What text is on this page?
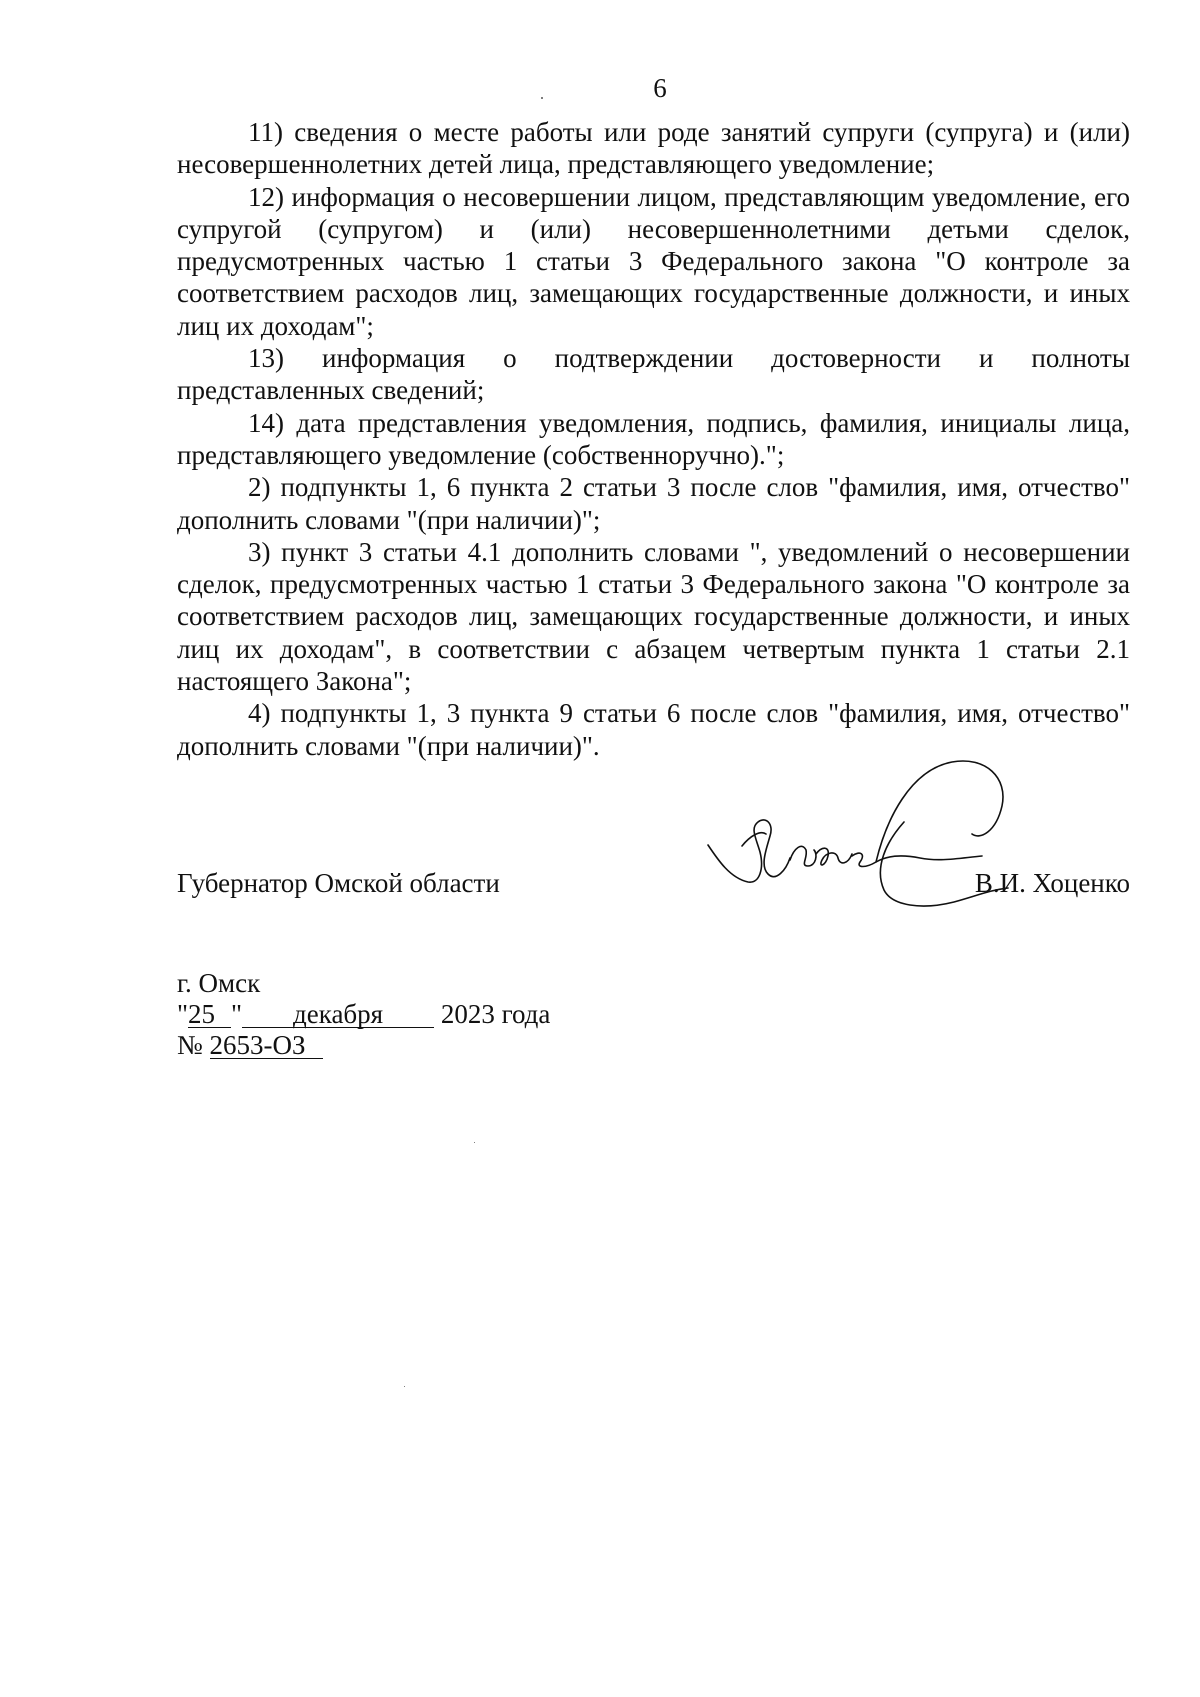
6

11) сведения о месте работы или роде занятий супруги (супруга) и (или) несовершеннолетних детей лица, представляющего уведомление;

12) информация о несовершении лицом, представляющим уведомление, его супругой (супругом) и (или) несовершеннолетними детьми сделок, предусмотренных частью 1 статьи 3 Федерального закона "О контроле за соответствием расходов лиц, замещающих государственные должности, и иных лиц их доходам";

13) информация о подтверждении достоверности и полноты представленных сведений;

14) дата представления уведомления, подпись, фамилия, инициалы лица, представляющего уведомление (собственноручно).";

2) подпункты 1, 6 пункта 2 статьи 3 после слов "фамилия, имя, отчество" дополнить словами "(при наличии)";

3) пункт 3 статьи 4.1 дополнить словами ", уведомлений о несовершении сделок, предусмотренных частью 1 статьи 3 Федерального закона "О контроле за соответствием расходов лиц, замещающих государственные должности, и иных лиц их доходам", в соответствии с абзацем четвертым пункта 1 статьи 2.1 настоящего Закона";

4) подпункты 1, 3 пункта 9 статьи 6 после слов "фамилия, имя, отчество" дополнить словами "(при наличии)".

Губернатор Омской области	В.И. Хоценко
г. Омск
"25 " декабря 2023 года
№ 2653-ОЗ
